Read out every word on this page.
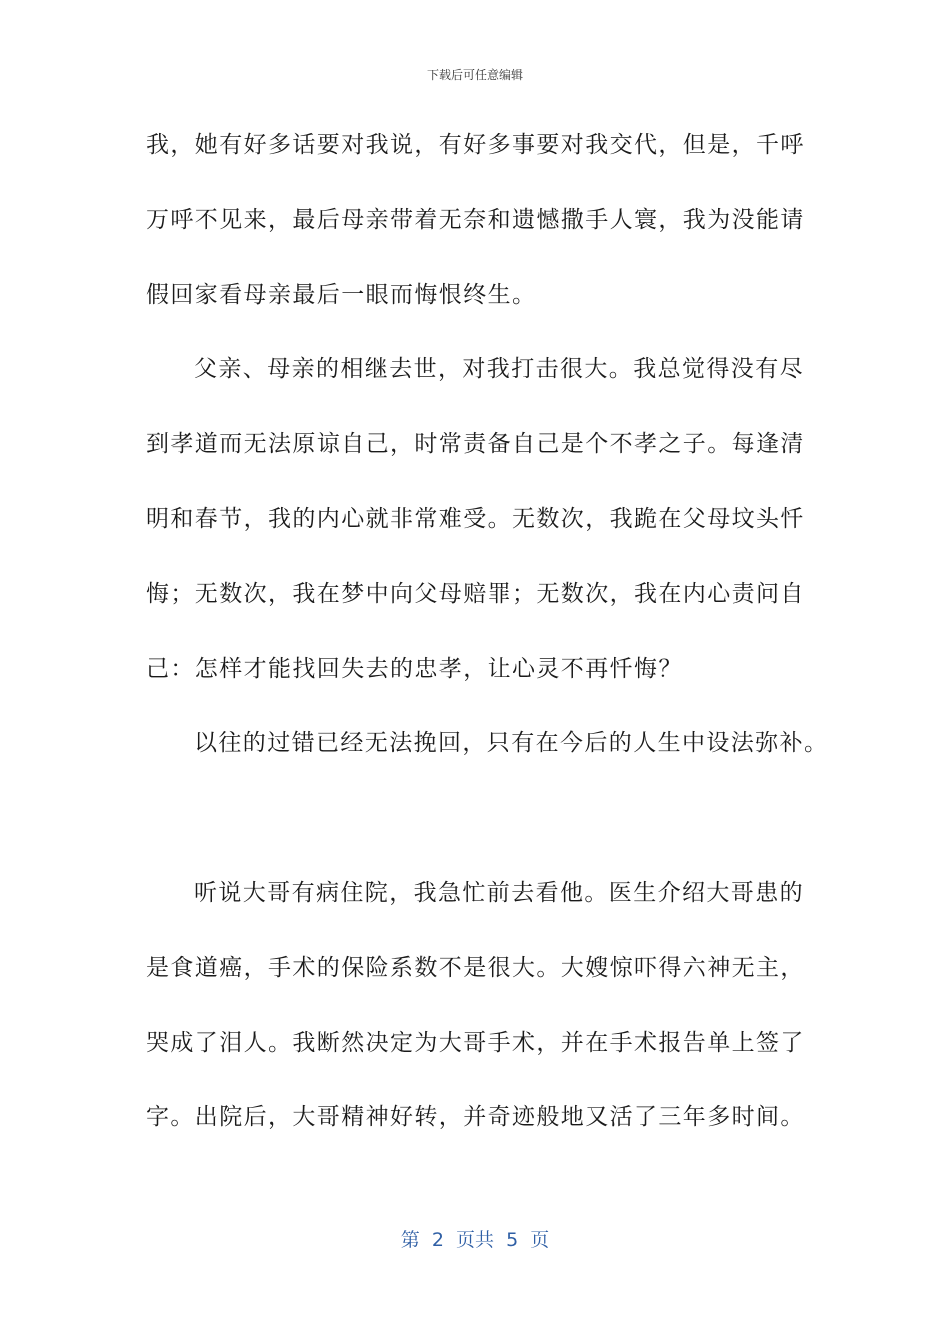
下载后可任意编辑
我，她有好多话要对我说，有好多事要对我交代，但是，千呼
万呼不见来，最后母亲带着无奈和遗憾撒手人寰，我为没能请
假回家看母亲最后一眼而悔恨终生。
父亲、母亲的相继去世，对我打击很大。我总觉得没有尽
到孝道而无法原谅自己，时常责备自己是个不孝之子。每逢清
明和春节，我的内心就非常难受。无数次，我跪在父母坟头忏
悔；无数次，我在梦中向父母赔罪；无数次，我在内心责问自
己：怎样才能找回失去的忠孝，让心灵不再忏悔？
以往的过错已经无法挽回，只有在今后的人生中设法弥补。
听说大哥有病住院，我急忙前去看他。医生介绍大哥患的
是食道癌，手术的保险系数不是很大。大嫂惊吓得六神无主，
哭成了泪人。我断然决定为大哥手术，并在手术报告单上签了
字。出院后，大哥精神好转，并奇迹般地又活了三年多时间。
第  2  页共  5  页
